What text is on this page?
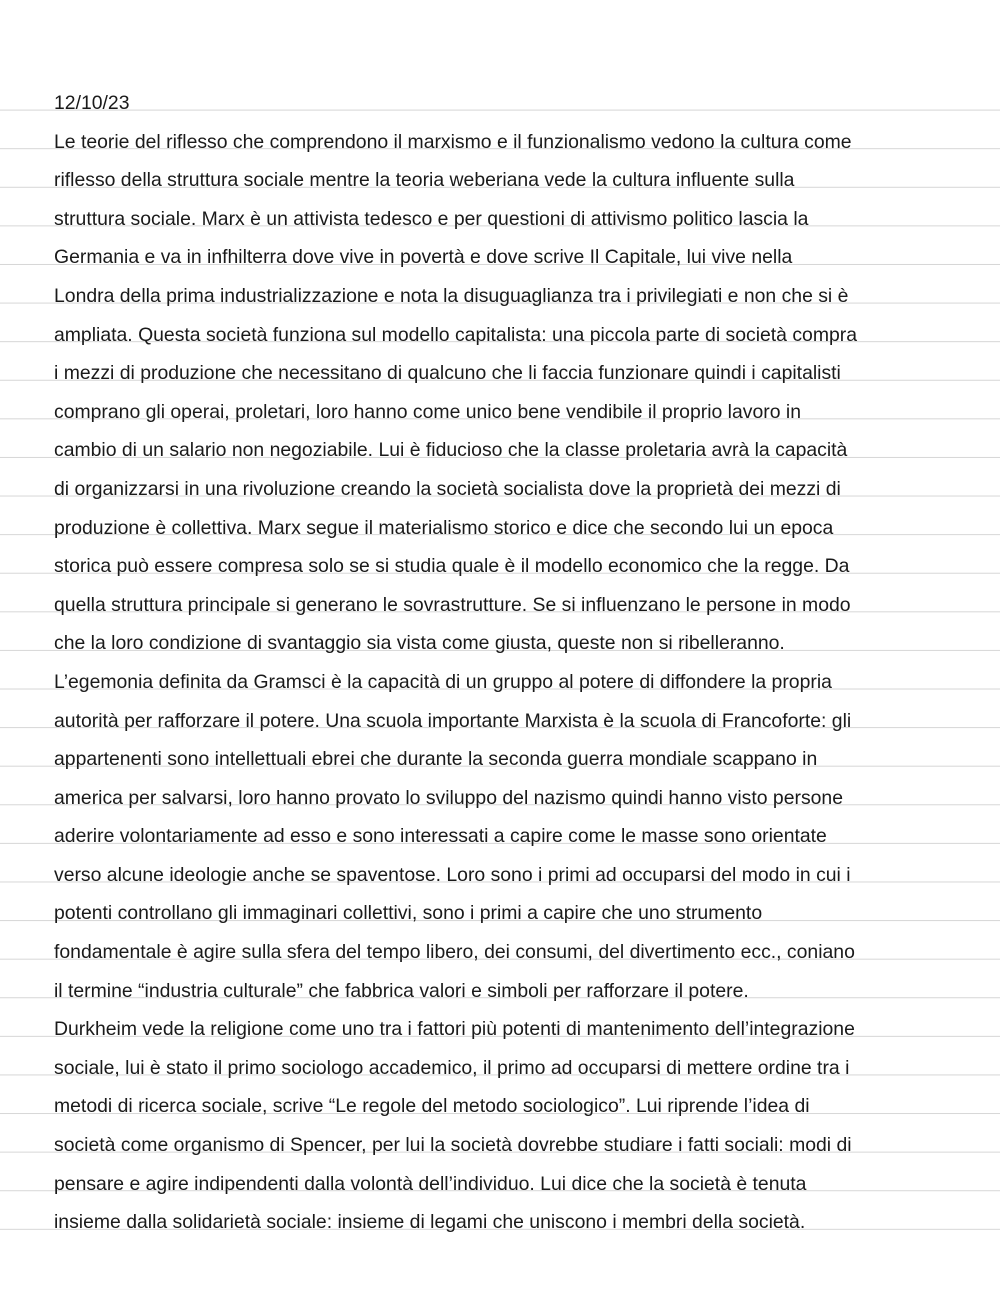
12/10/23
Le teorie del riflesso che comprendono il marxismo e il funzionalismo vedono la cultura come
riflesso della struttura sociale mentre la teoria weberiana vede la cultura influente sulla
struttura sociale. Marx è un attivista tedesco e per questioni di attivismo politico lascia la
Germania e va in infhilterra dove vive in povertà e dove scrive Il Capitale, lui vive nella
Londra della prima industrializzazione e nota la disuguaglianza tra i privilegiati e non che si è
ampliata. Questa società funziona sul modello capitalista: una piccola parte di società compra
i mezzi di produzione che necessitano di qualcuno che li faccia funzionare quindi i capitalisti
comprano gli operai, proletari, loro hanno come unico bene vendibile il proprio lavoro in
cambio di un salario non negoziabile. Lui è fiducioso che la classe proletaria avrà la capacità
di organizzarsi in una rivoluzione creando la società socialista dove la proprietà dei mezzi di
produzione è collettiva. Marx segue il materialismo storico e dice che secondo lui un epoca
storica può essere compresa solo se si studia quale è il modello economico che la regge. Da
quella struttura principale si generano le sovrastrutture. Se si influenzano le persone in modo
che la loro condizione di svantaggio sia vista come giusta, queste non si ribelleranno.
L’egemonia definita da Gramsci è la capacità di un gruppo al potere di diffondere la propria
autorità per rafforzare il potere. Una scuola importante Marxista è la scuola di Francoforte: gli
appartenenti sono intellettuali ebrei che durante la seconda guerra mondiale scappano in
america per salvarsi, loro hanno provato lo sviluppo del nazismo quindi hanno visto persone
aderire volontariamente ad esso e sono interessati a capire come le masse sono orientate
verso alcune ideologie anche se spaventose. Loro sono i primi ad occuparsi del modo in cui i
potenti controllano gli immaginari collettivi, sono i primi a capire che uno strumento
fondamentale è agire sulla sfera del tempo libero, dei consumi, del divertimento ecc., coniano
il termine “industria culturale” che fabbrica valori e simboli per rafforzare il potere.
Durkheim vede la religione come uno tra i fattori più potenti di mantenimento dell’integrazione
sociale, lui è stato il primo sociologo accademico, il primo ad occuparsi di mettere ordine tra i
metodi di ricerca sociale, scrive “Le regole del metodo sociologico”. Lui riprende l’idea di
società come organismo di Spencer, per lui la società dovrebbe studiare i fatti sociali: modi di
pensare e agire indipendenti dalla volontà dell’individuo. Lui dice che la società è tenuta
insieme dalla solidarietà sociale: insieme di legami che uniscono i membri della società.
